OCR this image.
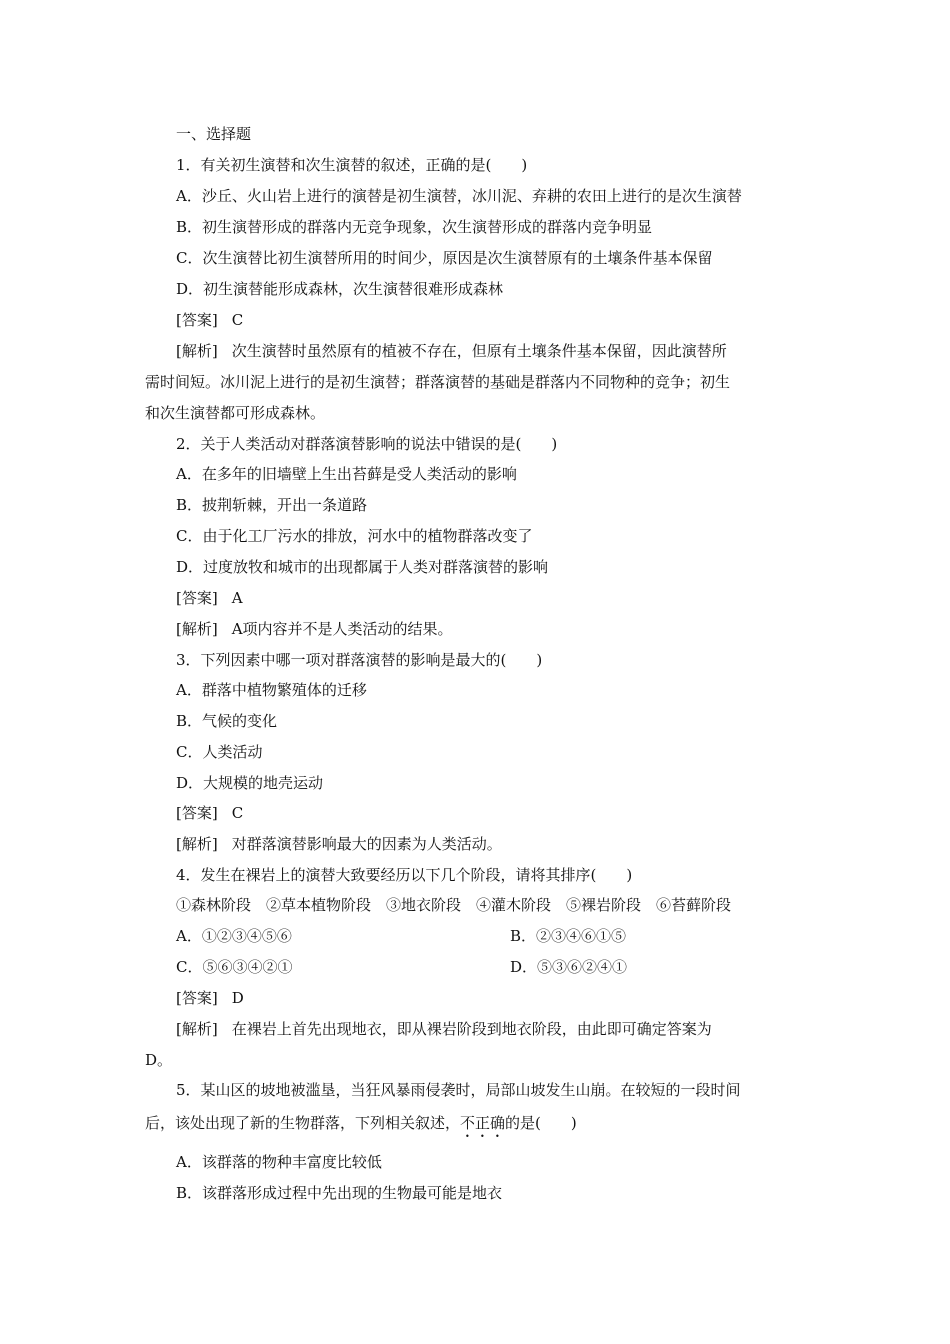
一、选择题
1．有关初生演替和次生演替的叙述，正确的是(　　)
A．沙丘、火山岩上进行的演替是初生演替，冰川泥、弃耕的农田上进行的是次生演替
B．初生演替形成的群落内无竞争现象，次生演替形成的群落内竞争明显
C．次生演替比初生演替所用的时间少，原因是次生演替原有的土壤条件基本保留
D．初生演替能形成森林，次生演替很难形成森林
[答案] C
[解析] 次生演替时虽然原有的植被不存在，但原有土壤条件基本保留，因此演替所
需时间短。冰川泥上进行的是初生演替；群落演替的基础是群落内不同物种的竞争；初生
和次生演替都可形成森林。
2．关于人类活动对群落演替影响的说法中错误的是(　　)
A．在多年的旧墙壁上生出苔藓是受人类活动的影响
B．披荆斩棘，开出一条道路
C．由于化工厂污水的排放，河水中的植物群落改变了
D．过度放牧和城市的出现都属于人类对群落演替的影响
[答案] A
[解析] A项内容并不是人类活动的结果。
3．下列因素中哪一项对群落演替的影响是最大的(　　)
A．群落中植物繁殖体的迁移
B．气候的变化
C．人类活动
D．大规模的地壳运动
[答案] C
[解析] 对群落演替影响最大的因素为人类活动。
4．发生在裸岩上的演替大致要经历以下几个阶段，请将其排序(　　)
①森林阶段　②草本植物阶段　③地衣阶段　④灌木阶段　⑤裸岩阶段　⑥苔藓阶段
A．①②③④⑤⑥	B．②③④⑥①⑤
C．⑤⑥③④②①	D．⑤③⑥②④①
[答案] D
[解析] 在裸岩上首先出现地衣，即从裸岩阶段到地衣阶段，由此即可确定答案为
D。
5．某山区的坡地被滥垦，当狂风暴雨侵袭时，局部山坡发生山崩。在较短的一段时间
后，该处出现了新的生物群落，下列相关叙述，不正确的是(　　)
A．该群落的物种丰富度比较低
B．该群落形成过程中先出现的生物最可能是地衣
